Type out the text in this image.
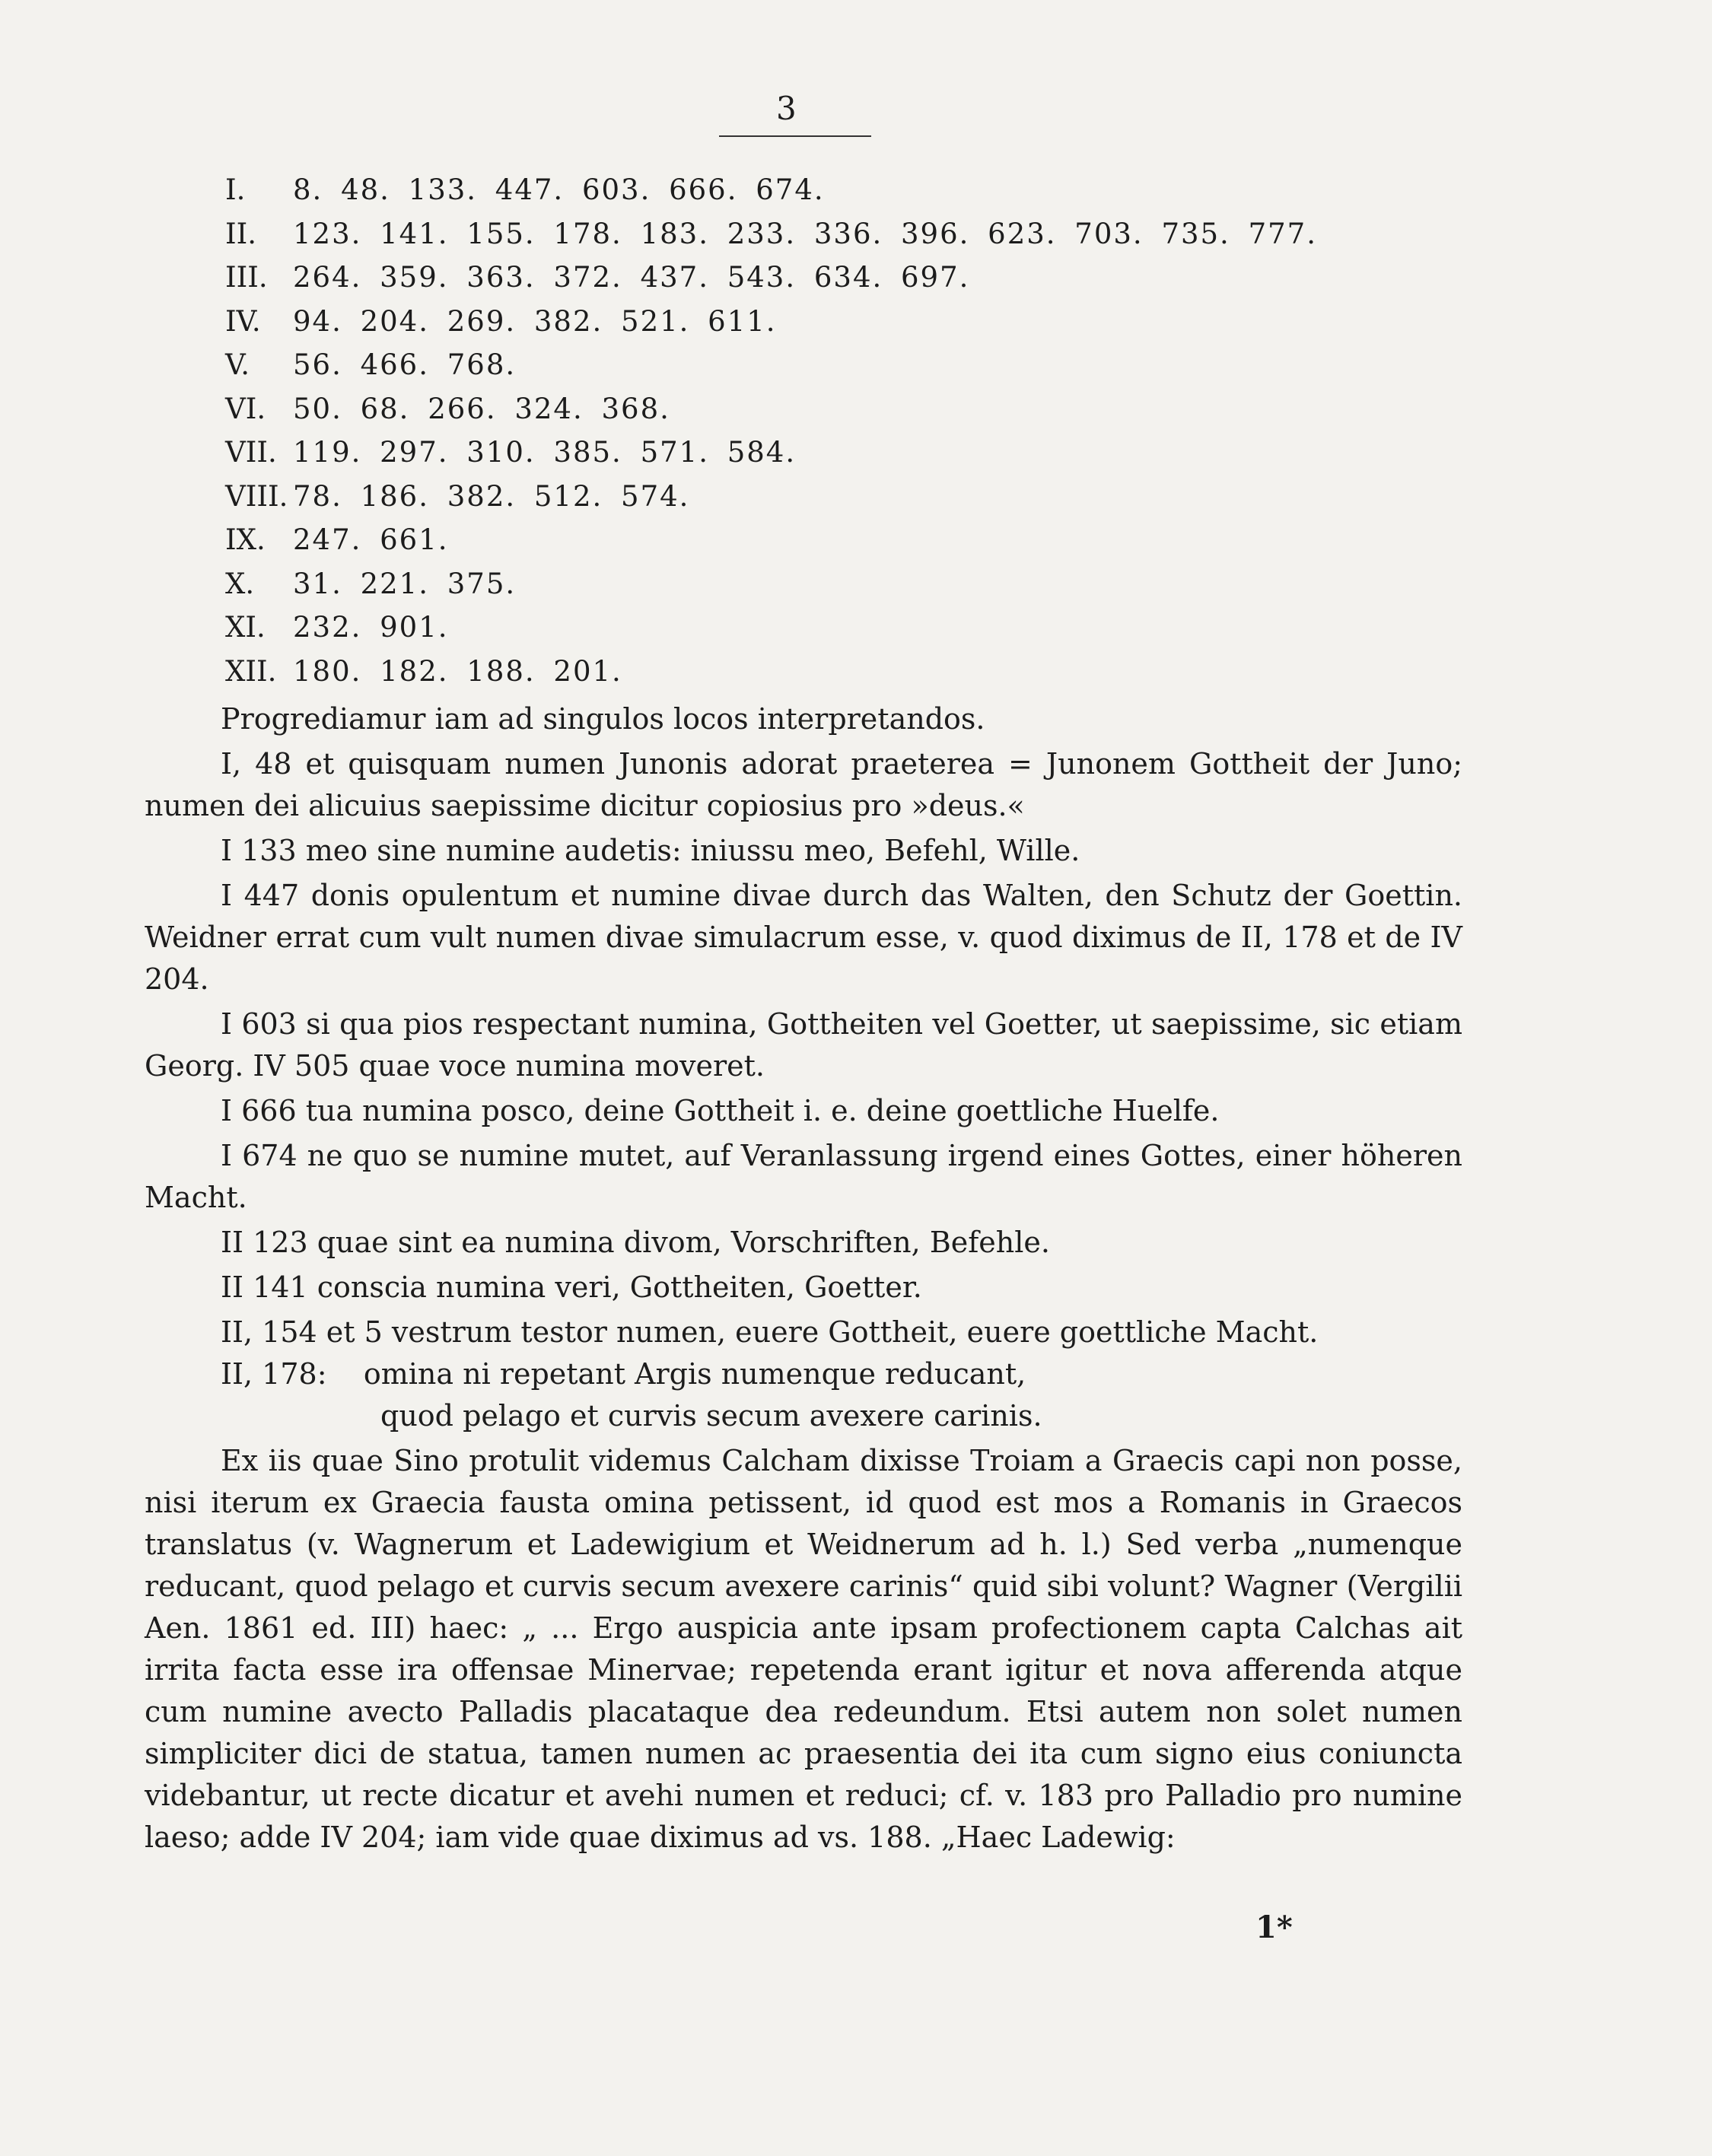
3
I. 8. 48. 133. 447. 603. 666. 674.
II. 123. 141. 155. 178. 183. 233. 336. 396. 623. 703. 735. 777.
III. 264. 359. 363. 372. 437. 543. 634. 697.
IV. 94. 204. 269. 382. 521. 611.
V. 56. 466. 768.
VI. 50. 68. 266. 324. 368.
VII. 119. 297. 310. 385. 571. 584.
VIII. 78. 186. 382. 512. 574.
IX. 247. 661.
X. 31. 221. 375.
XI. 232. 901.
XII. 180. 182. 188. 201.

Progrediamur iam ad singulos locos interpretandos.

I, 48 et quisquam numen Junonis adorat praeterea = Junonem Gottheit der Juno; numen dei alicuius saepissime dicitur copiosius pro »deus.«

I 133 meo sine numine audetis: iniussu meo, Befehl, Wille.

I 447 donis opulentum et numine divae durch das Walten, den Schutz der Goettin. Weidner errat cum vult numen divae simulacrum esse, v. quod diximus de II, 178 et de IV 204.

I 603 si qua pios respectant numina, Gottheiten vel Goetter, ut saepissime, sic etiam Georg. IV 505 quae voce numina moveret.

I 666 tua numina posco, deine Gottheit i. e. deine goettliche Huelfe.

I 674 ne quo se numine mutet, auf Veranlassung irgend eines Gottes, einer höheren Macht.

II 123 quae sint ea numina divom, Vorschriften, Befehle.

II 141 conscia numina veri, Gottheiten, Goetter.

II, 154 et 5 vestrum testor numen, euere Gottheit, euere goettliche Macht.

II, 178: omina ni repetant Argis numenque reducant,

quod pelago et curvis secum avexere carinis.

Ex iis quae Sino protulit videmus Calcham dixisse Troiam a Graecis capi non posse, nisi iterum ex Graecia fausta omina petissent, id quod est mos a Romanis in Graecos translatus (v. Wagnerum et Ladewigium et Weidnerum ad h. l.) Sed verba „numenque reducant, quod pelago et curvis secum avexere carinis“ quid sibi volunt? Wagner (Vergilii Aen. 1861 ed. III) haec: „ ... Ergo auspicia ante ipsam profectionem capta Calchas ait irrita facta esse ira offensae Minervae; repetenda erant igitur et nova afferenda atque cum numine avecto Palladis placataque dea redeundum. Etsi autem non solet numen simpliciter dici de statua, tamen numen ac praesentia dei ita cum signo eius coniuncta videbantur, ut recte dicatur et avehi numen et reduci; cf. v. 183 pro Palladio pro numine laeso; adde IV 204; iam vide quae diximus ad vs. 188. „Haec Ladewig:

1*
